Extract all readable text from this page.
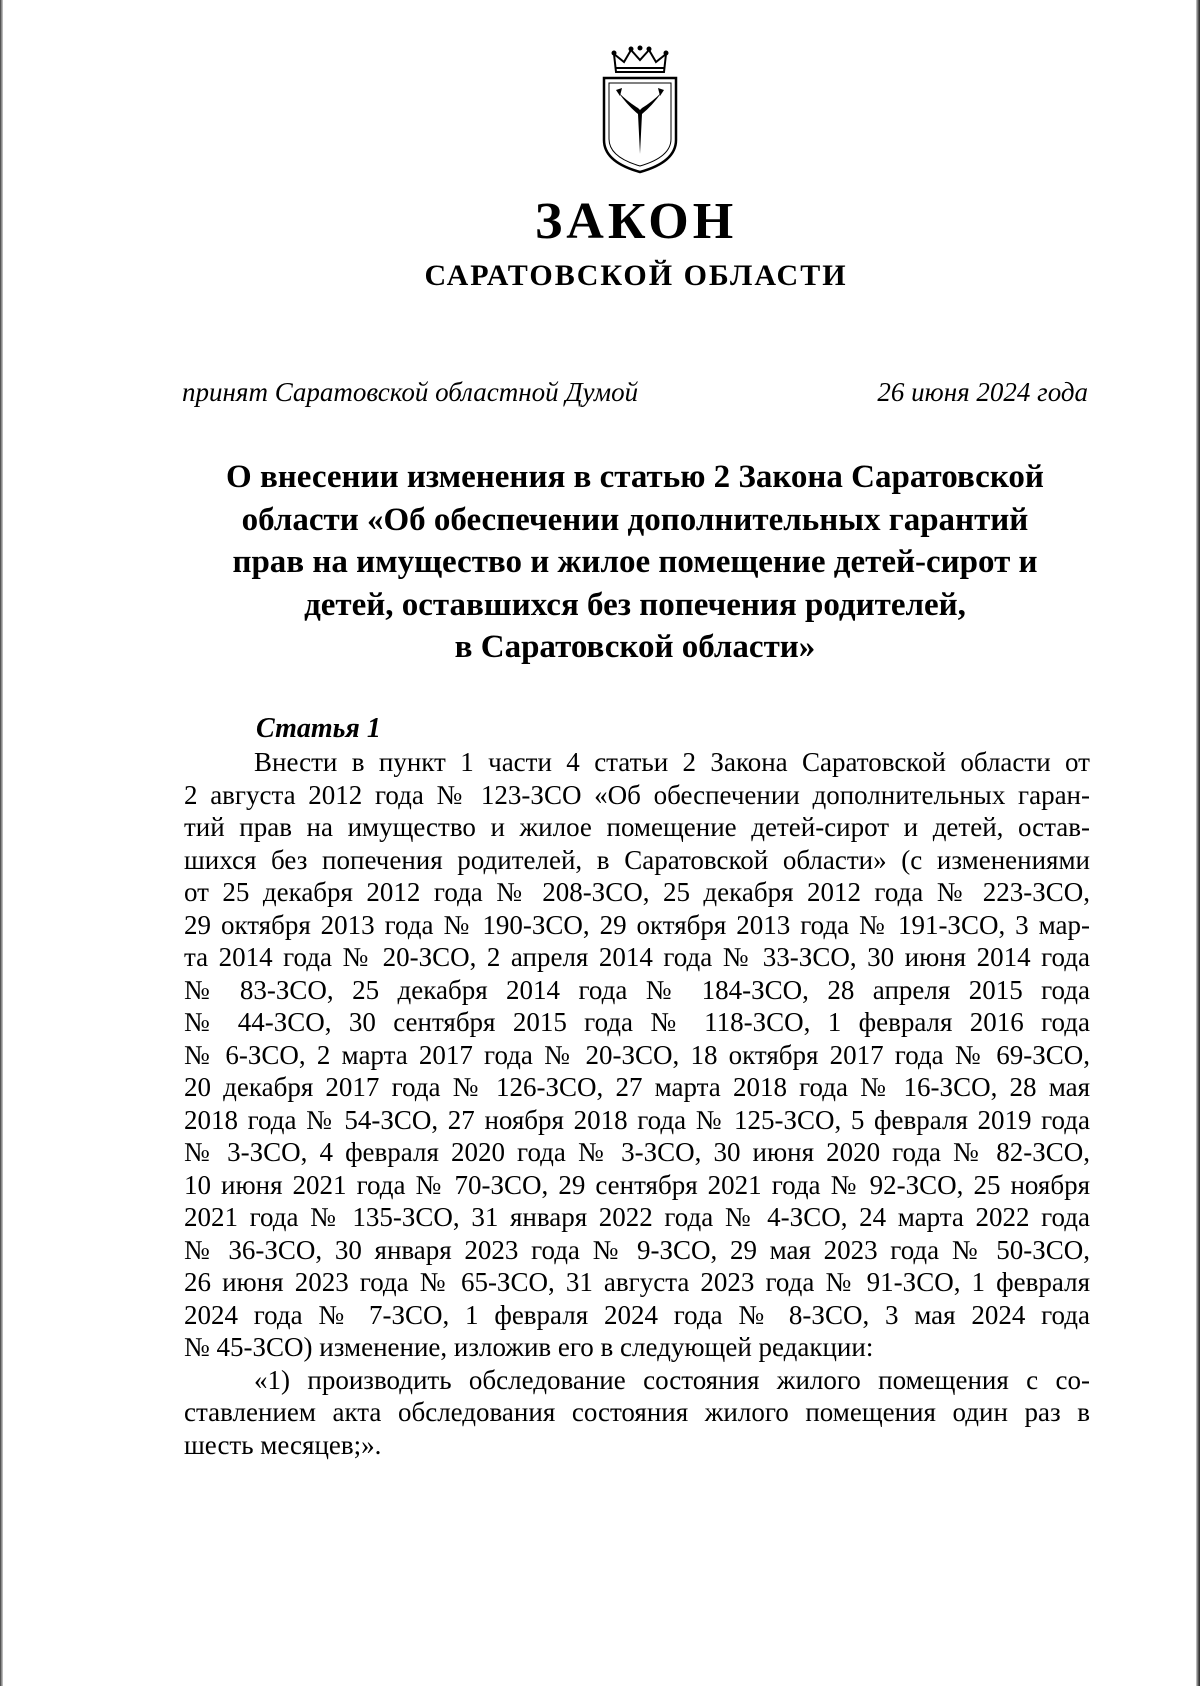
ЗАКОН
САРАТОВСКОЙ ОБЛАСТИ
принят Саратовской областной Думой	26 июня 2024 года
О внесении изменения в статью 2 Закона Саратовской
области «Об обеспечении дополнительных гарантий
прав на имущество и жилое помещение детей-сирот и
детей, оставшихся без попечения родителей,
в Саратовской области»
Статья 1
Внести в пункт 1 части 4 статьи 2 Закона Саратовской области от
2 августа 2012 года № 123-ЗСО «Об обеспечении дополнительных гаран-
тий прав на имущество и жилое помещение детей-сирот и детей, остав-
шихся без попечения родителей, в Саратовской области» (с изменениями
от 25 декабря 2012 года № 208-ЗСО, 25 декабря 2012 года № 223-ЗСО,
29 октября 2013 года № 190-ЗСО, 29 октября 2013 года № 191-ЗСО, 3 мар-
та 2014 года № 20-ЗСО, 2 апреля 2014 года № 33-ЗСО, 30 июня 2014 года
№ 83-ЗСО, 25 декабря 2014 года № 184-ЗСО, 28 апреля 2015 года
№ 44-ЗСО, 30 сентября 2015 года № 118-ЗСО, 1 февраля 2016 года
№ 6-ЗСО, 2 марта 2017 года № 20-ЗСО, 18 октября 2017 года № 69-ЗСО,
20 декабря 2017 года № 126-ЗСО, 27 марта 2018 года № 16-ЗСО, 28 мая
2018 года № 54-ЗСО, 27 ноября 2018 года № 125-ЗСО, 5 февраля 2019 года
№ 3-ЗСО, 4 февраля 2020 года № 3-ЗСО, 30 июня 2020 года № 82-ЗСО,
10 июня 2021 года № 70-ЗСО, 29 сентября 2021 года № 92-ЗСО, 25 ноября
2021 года № 135-ЗСО, 31 января 2022 года № 4-ЗСО, 24 марта 2022 года
№ 36-ЗСО, 30 января 2023 года № 9-ЗСО, 29 мая 2023 года № 50-ЗСО,
26 июня 2023 года № 65-ЗСО, 31 августа 2023 года № 91-ЗСО, 1 февраля
2024 года № 7-ЗСО, 1 февраля 2024 года № 8-ЗСО, 3 мая 2024 года
№ 45-ЗСО) изменение, изложив его в следующей редакции:
«1) производить обследование состояния жилого помещения с со-
ставлением акта обследования состояния жилого помещения один раз в
шесть месяцев;».
